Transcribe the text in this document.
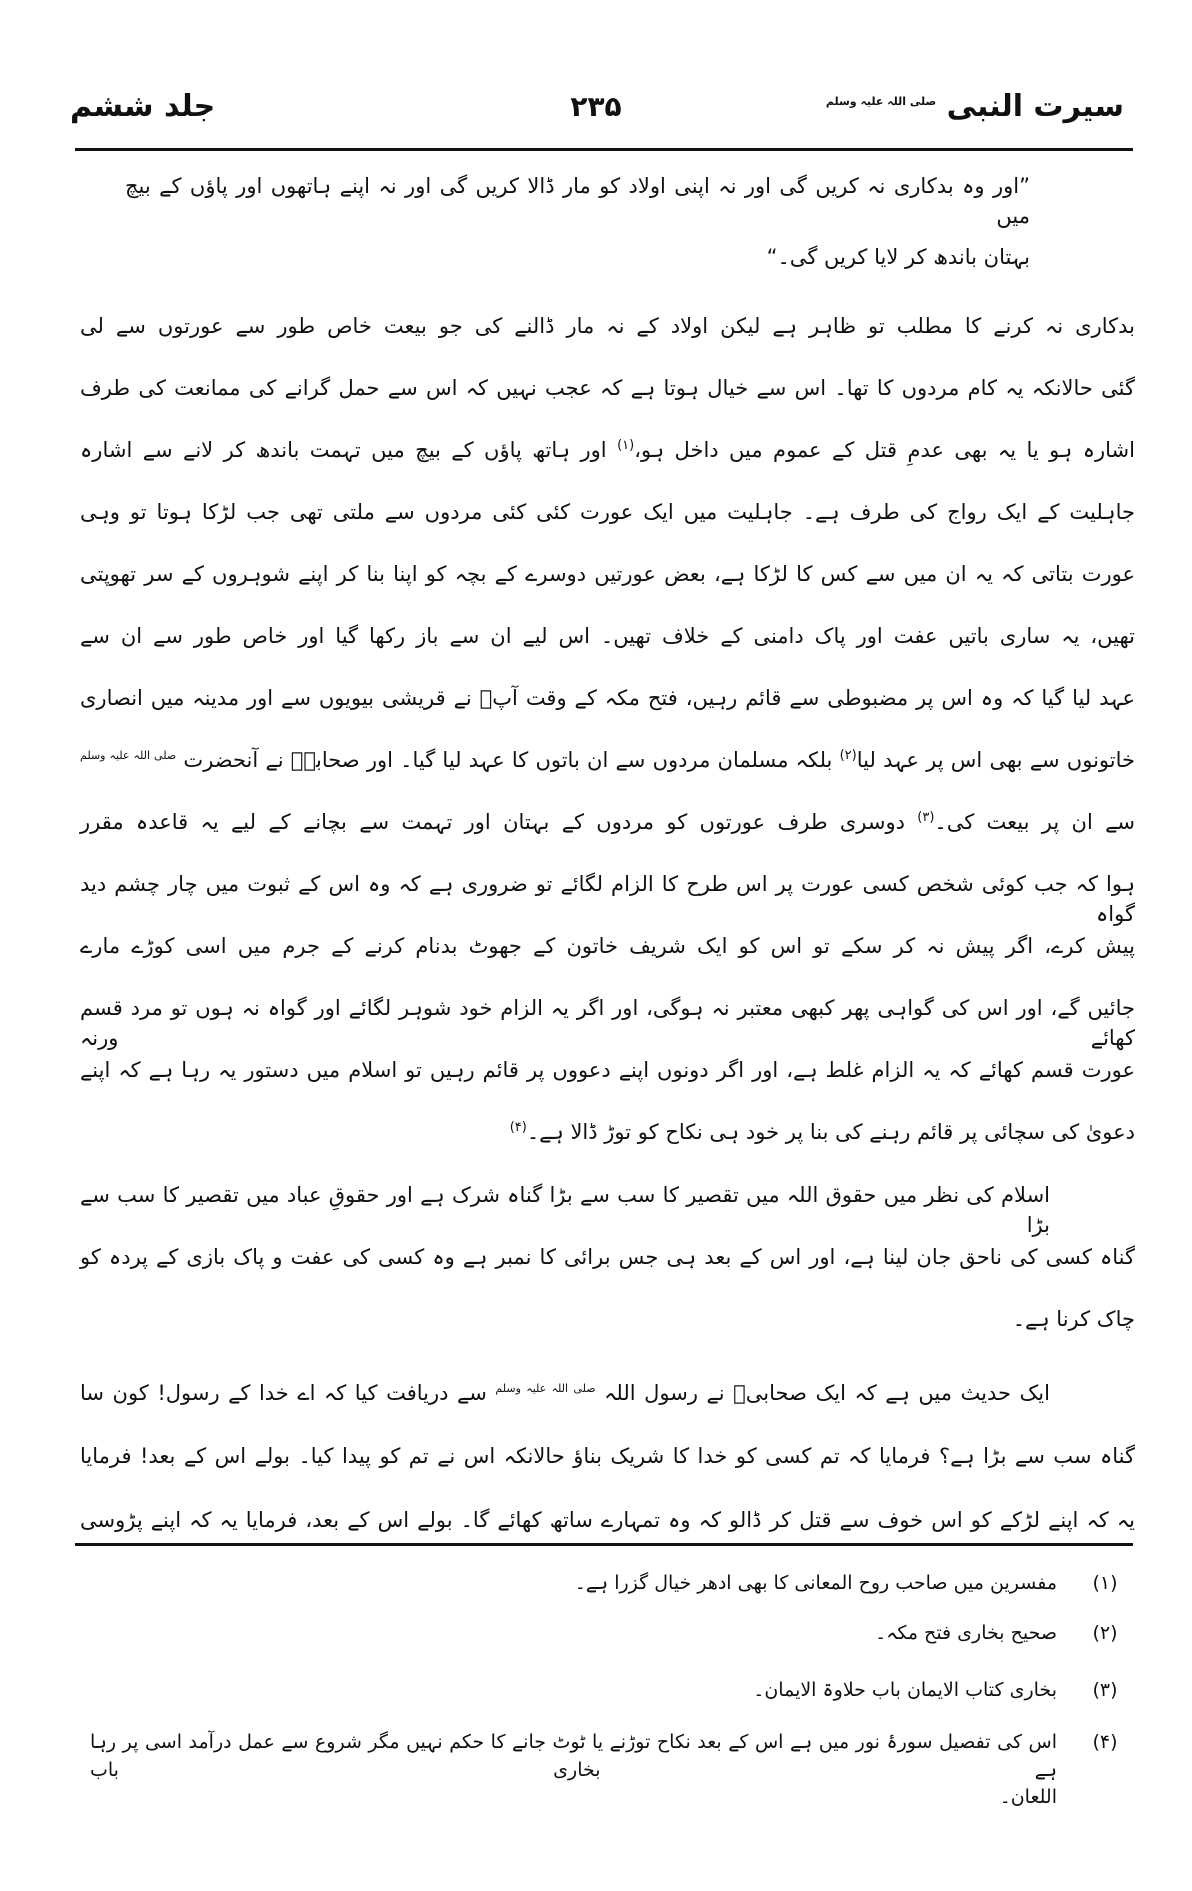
سیرت النبی $^{صلی اللہ علیہ وسلم}$
۲۳۵
جلد ششم
”اور وہ بدکاری نہ کریں گی اور نہ اپنی اولاد کو مار ڈالا کریں گی اور نہ اپنے ہاتھوں اور پاؤں کے بیچ میں
بہتان باندھ کر لایا کریں گی۔“
بدکاری نہ کرنے کا مطلب تو ظاہر ہے لیکن اولاد کے نہ مار ڈالنے کی جو بیعت خاص طور سے عورتوں سے لی
گئی حالانکہ یہ کام مردوں کا تھا۔ اس سے خیال ہوتا ہے کہ عجب نہیں کہ اس سے حمل گرانے کی ممانعت کی طرف
اشارہ ہو یا یہ بھی عدمِ قتل کے عموم میں داخل ہو،$^{(۱)}$ اور ہاتھ پاؤں کے بیچ میں تہمت باندھ کر لانے سے اشارہ
جاہلیت کے ایک رواج کی طرف ہے۔ جاہلیت میں ایک عورت کئی کئی مردوں سے ملتی تھی جب لڑکا ہوتا تو وہی
عورت بتاتی کہ یہ ان میں سے کس کا لڑکا ہے، بعض عورتیں دوسرے کے بچہ کو اپنا بنا کر اپنے شوہروں کے سر تھوپتی
تھیں، یہ ساری باتیں عفت اور پاک دامنی کے خلاف تھیں۔ اس لیے ان سے باز رکھا گیا اور خاص طور سے ان سے
عہد لیا گیا کہ وہ اس پر مضبوطی سے قائم رہیں، فتح مکہ کے وقت آپؐ نے قریشی بیویوں سے اور مدینہ میں انصاری
خاتونوں سے بھی اس پر عہد لیا$^{(۲)}$ بلکہ مسلمان مردوں سے ان باتوں کا عہد لیا گیا۔ اور صحابہؓ نے آنحضرت $^{صلی اللہ علیہ وسلم}$
سے ان پر بیعت کی۔$^{(۳)}$ دوسری طرف عورتوں کو مردوں کے بہتان اور تہمت سے بچانے کے لیے یہ قاعدہ مقرر
ہوا کہ جب کوئی شخص کسی عورت پر اس طرح کا الزام لگائے تو ضروری ہے کہ وہ اس کے ثبوت میں چار چشم دید گواہ
پیش کرے، اگر پیش نہ کر سکے تو اس کو ایک شریف خاتون کے جھوٹ بدنام کرنے کے جرم میں اسی کوڑے مارے
جائیں گے، اور اس کی گواہی پھر کبھی معتبر نہ ہوگی، اور اگر یہ الزام خود شوہر لگائے اور گواہ نہ ہوں تو مرد قسم کھائے ورنہ
عورت قسم کھائے کہ یہ الزام غلط ہے، اور اگر دونوں اپنے دعووں پر قائم رہیں تو اسلام میں دستور یہ رہا ہے کہ اپنے
دعویٰ کی سچائی پر قائم رہنے کی بنا پر خود ہی نکاح کو توڑ ڈالا ہے۔$^{(۴)}$
اسلام کی نظر میں حقوق اللہ میں تقصیر کا سب سے بڑا گناہ شرک ہے اور حقوقِ عباد میں تقصیر کا سب سے بڑا
گناہ کسی کی ناحق جان لینا ہے، اور اس کے بعد ہی جس برائی کا نمبر ہے وہ کسی کی عفت و پاک بازی کے پردہ کو
چاک کرنا ہے۔
ایک حدیث میں ہے کہ ایک صحابیؓ نے رسول اللہ $^{صلی اللہ علیہ وسلم}$ سے دریافت کیا کہ اے خدا کے رسول! کون سا
گناہ سب سے بڑا ہے؟ فرمایا کہ تم کسی کو خدا کا شریک بناؤ حالانکہ اس نے تم کو پیدا کیا۔ بولے اس کے بعد! فرمایا
یہ کہ اپنے لڑکے کو اس خوف سے قتل کر ڈالو کہ وہ تمہارے ساتھ کھائے گا۔ بولے اس کے بعد، فرمایا یہ کہ اپنے پڑوسی
(۱)
مفسرین میں صاحب روح المعانی کا بھی ادھر خیال گزرا ہے۔
(۲)
صحیح بخاری فتح مکہ۔
(۳)
بخاری کتاب الایمان باب حلاوۃ الایمان۔
(۴)
اس کی تفصیل سورۂ نور میں ہے اس کے بعد نکاح توڑنے یا ٹوٹ جانے کا حکم نہیں مگر شروع سے عمل درآمد اسی پر رہا ہے بخاری باب
اللعان۔
